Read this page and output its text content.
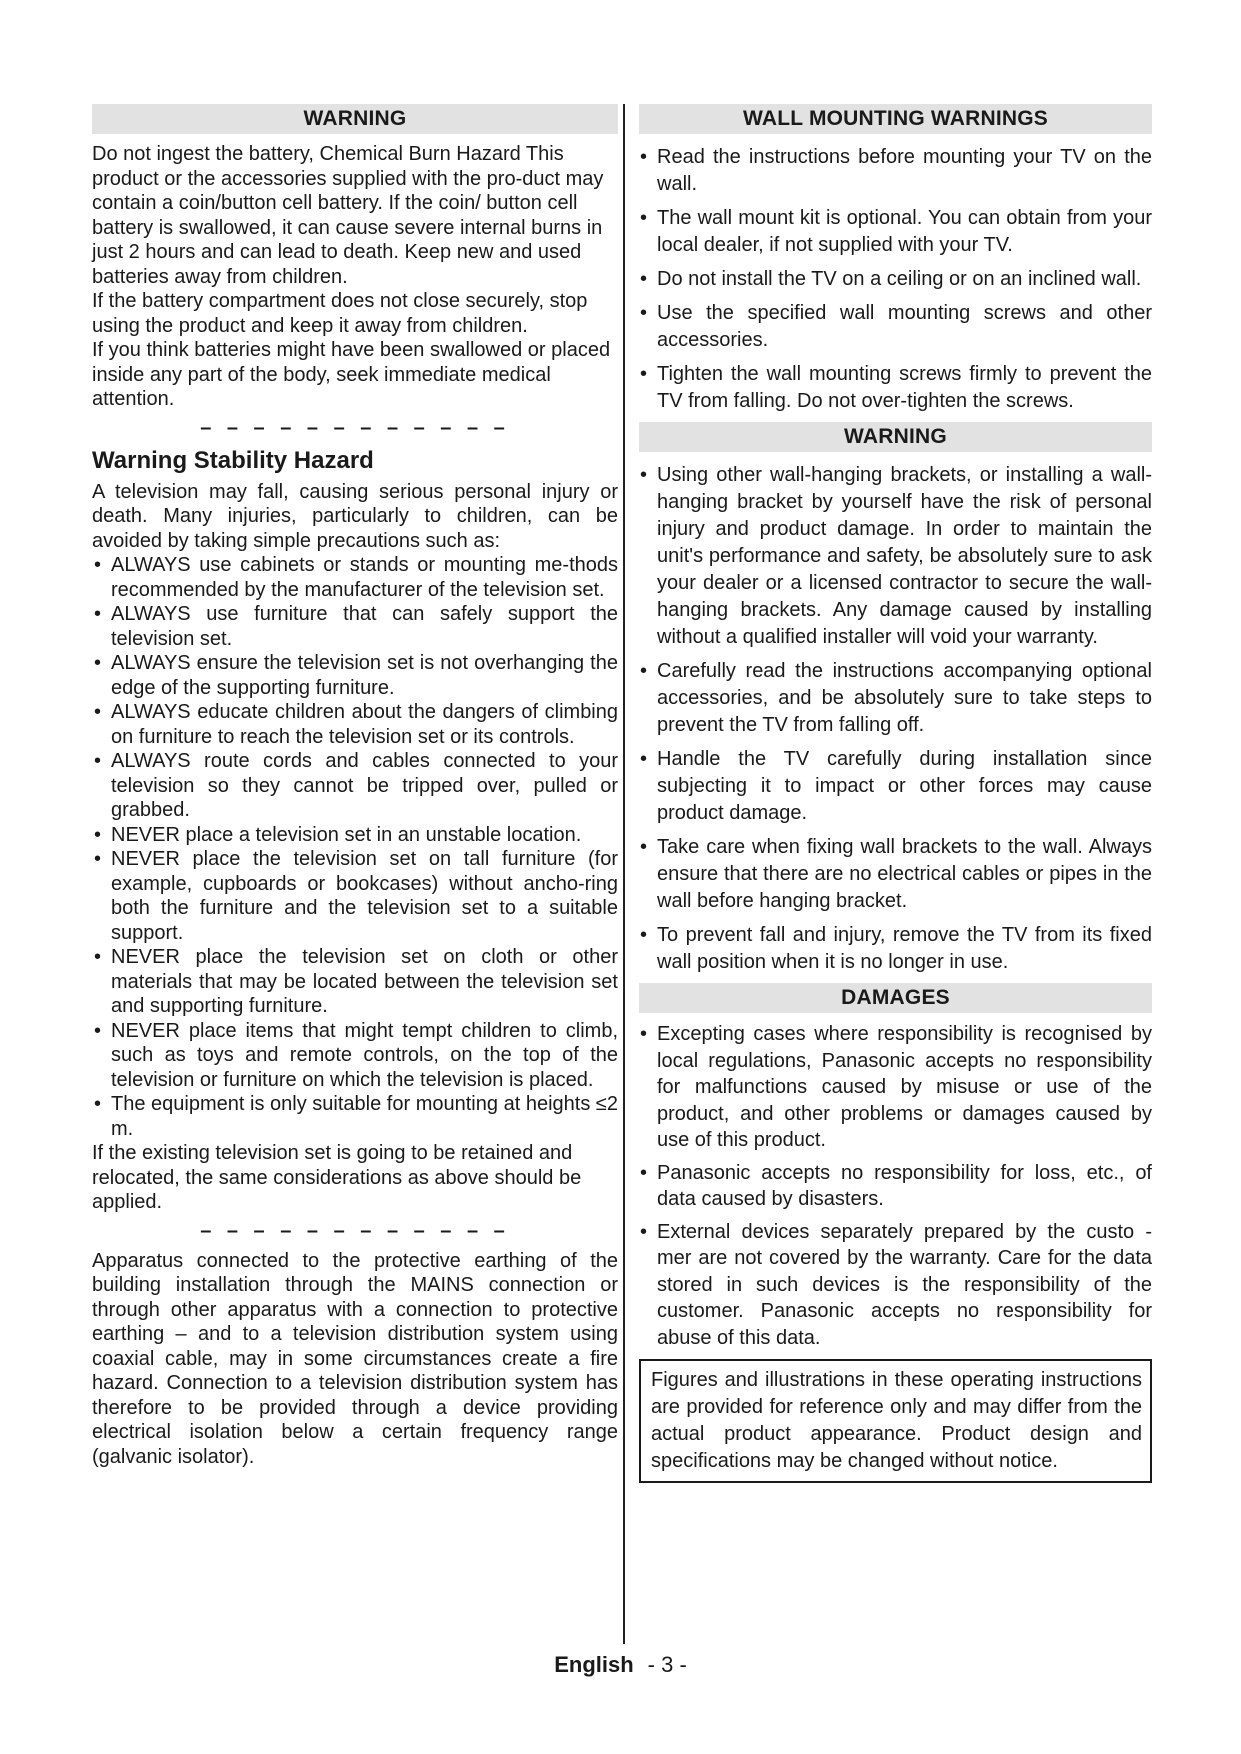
WARNING

Do not ingest the battery, Chemical Burn Hazard This product or the accessories supplied with the pro-duct may contain a coin/button cell battery. If the coin/ button cell battery is swallowed, it can cause severe internal burns in just 2 hours and can lead to death. Keep new and used batteries away from children.

If the battery compartment does not close securely, stop using the product and keep it away from children.

If you think batteries might have been swallowed or placed inside any part of the body, seek immediate medical attention.

– – – – – – – – – – – –
Warning Stability Hazard

A television may fall, causing serious personal injury or death. Many injuries, particularly to children, can be avoided by taking simple precautions such as:

• ALWAYS use cabinets or stands or mounting me-thods recommended by the manufacturer of the television set.
• ALWAYS use furniture that can safely support the television set.
• ALWAYS ensure the television set is not overhanging the edge of the supporting furniture.
• ALWAYS educate children about the dangers of climbing on furniture to reach the television set or its controls.
• ALWAYS route cords and cables connected to your television so they cannot be tripped over, pulled or grabbed.
• NEVER place a television set in an unstable location.
• NEVER place the television set on tall furniture (for example, cupboards or bookcases) without ancho-ring both the furniture and the television set to a suitable support.
• NEVER place the television set on cloth or other materials that may be located between the television set and supporting furniture.
• NEVER place items that might tempt children to climb, such as toys and remote controls, on the top of the television or furniture on which the television is placed.
• The equipment is only suitable for mounting at heights ≤2 m.

If the existing television set is going to be retained and relocated, the same considerations as above should be applied.

– – – – – – – – – – – –

Apparatus connected to the protective earthing of the building installation through the MAINS connection or through other apparatus with a connection to protective earthing – and to a television distribution system using coaxial cable, may in some circumstances create a fire hazard. Connection to a television distribution system has therefore to be provided through a device providing electrical isolation below a certain frequency range (galvanic isolator).

WALL MOUNTING WARNINGS
• Read the instructions before mounting your TV on the wall.
• The wall mount kit is optional. You can obtain from your local dealer, if not supplied with your TV.
• Do not install the TV on a ceiling or on an inclined wall.
• Use the specified wall mounting screws and other accessories.
• Tighten the wall mounting screws firmly to prevent the TV from falling. Do not over-tighten the screws.
WARNING
• Using other wall-hanging brackets, or installing a wall-hanging bracket by yourself have the risk of personal injury and product damage. In order to maintain the unit's performance and safety, be absolutely sure to ask your dealer or a licensed contractor to secure the wall-hanging brackets. Any damage caused by installing without a qualified installer will void your warranty.
• Carefully read the instructions accompanying optional accessories, and be absolutely sure to take steps to prevent the TV from falling off.
• Handle the TV carefully during installation since subjecting it to impact or other forces may cause product damage.
• Take care when fixing wall brackets to the wall. Always ensure that there are no electrical cables or pipes in the wall before hanging bracket.
• To prevent fall and injury, remove the TV from its fixed wall position when it is no longer in use.
DAMAGES
• Excepting cases where responsibility is recognised by local regulations, Panasonic accepts no responsibility for malfunctions caused by misuse or use of the product, and other problems or damages caused by use of this product.
• Panasonic accepts no responsibility for loss, etc., of data caused by disasters.
• External devices separately prepared by the custo - mer are not covered by the warranty. Care for the data stored in such devices is the responsibility of the customer. Panasonic accepts no responsibility for abuse of this data.
Figures and illustrations in these operating instructions are provided for reference only and may differ from the actual product appearance. Product design and specifications may be changed without notice.
English - 3 -
